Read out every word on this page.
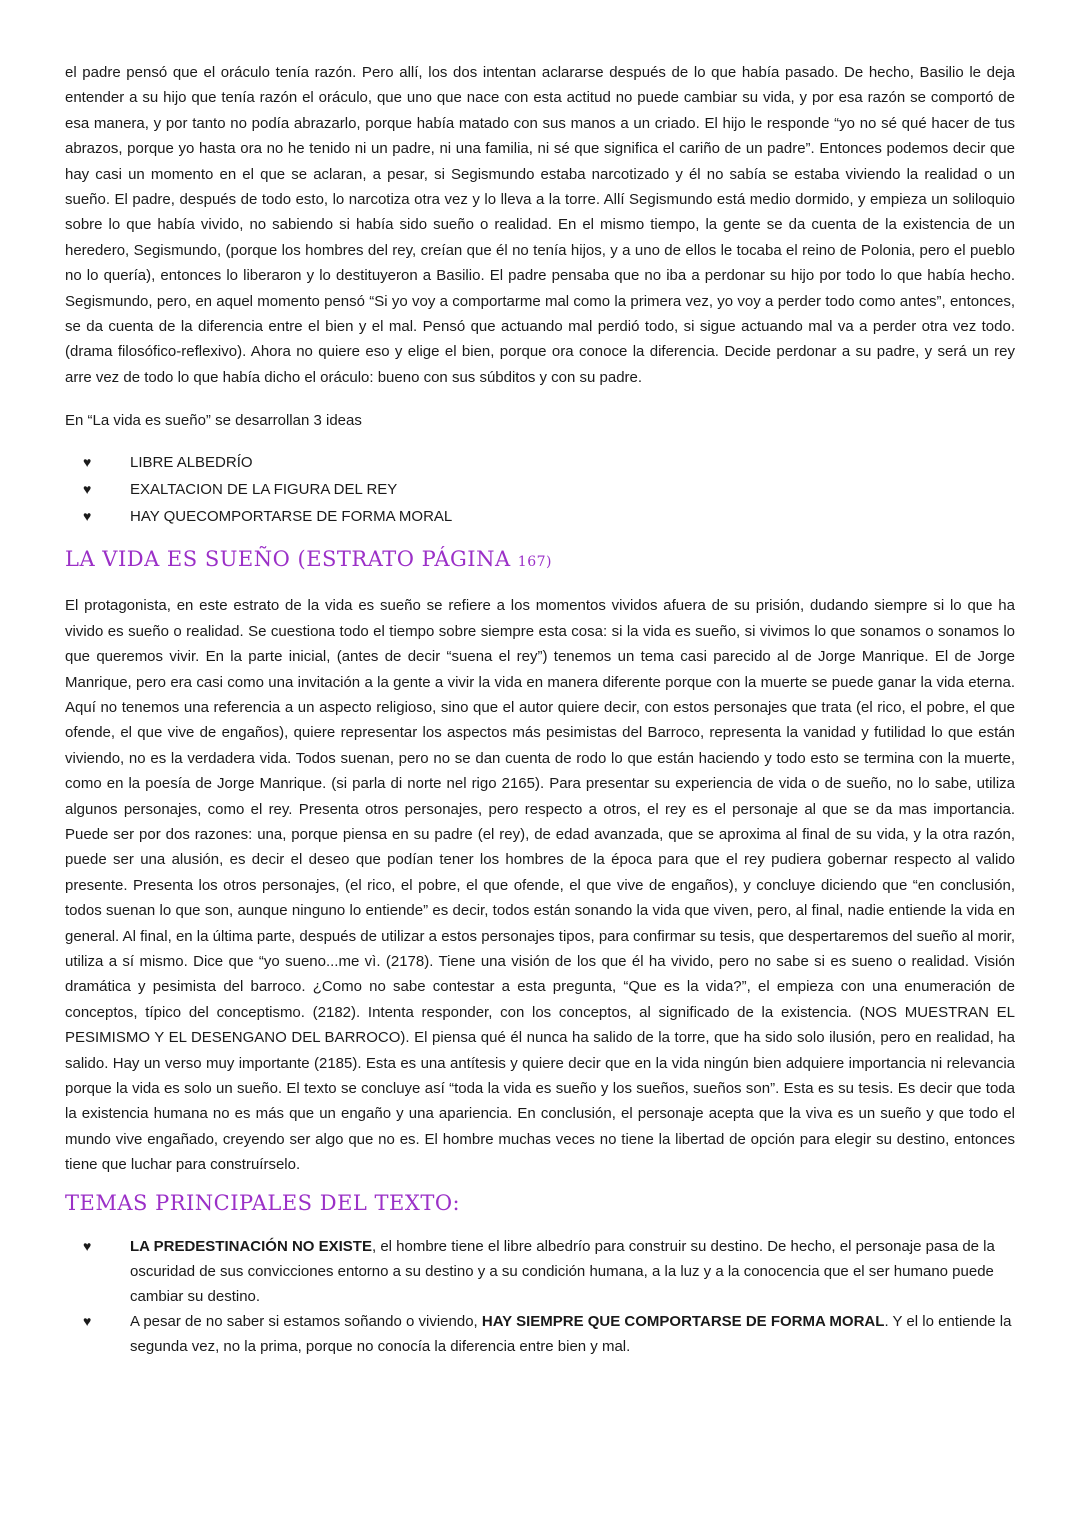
el padre pensó que el oráculo tenía razón. Pero allí, los dos intentan aclararse después de lo que había pasado. De hecho, Basilio le deja entender a su hijo que tenía razón el oráculo, que uno que nace con esta actitud no puede cambiar su vida, y por esa razón se comportó de esa manera, y por tanto no podía abrazarlo, porque había matado con sus manos a un criado. El hijo le responde “yo no sé qué hacer de tus abrazos, porque yo hasta ora no he tenido ni un padre, ni una familia, ni sé que significa el cariño de un padre”. Entonces podemos decir que hay casi un momento en el que se aclaran, a pesar, si Segismundo estaba narcotizado y él no sabía se estaba viviendo la realidad o un sueño. El padre, después de todo esto, lo narcotiza otra vez y lo lleva a la torre. Allí Segismundo está medio dormido, y empieza un soliloquio sobre lo que había vivido, no sabiendo si había sido sueño o realidad. En el mismo tiempo, la gente se da cuenta de la existencia de un heredero, Segismundo, (porque los hombres del rey, creían que él no tenía hijos, y a uno de ellos le tocaba el reino de Polonia, pero el pueblo no lo quería), entonces lo liberaron y lo destituyeron a Basilio. El padre pensaba que no iba a perdonar su hijo por todo lo que había hecho. Segismundo, pero, en aquel momento pensó “Si yo voy a comportarme mal como la primera vez, yo voy a perder todo como antes”, entonces, se da cuenta de la diferencia entre el bien y el mal. Pensó que actuando mal perdió todo, si sigue actuando mal va a perder otra vez todo. (drama filosófico-reflexivo). Ahora no quiere eso y elige el bien, porque ora conoce la diferencia. Decide perdonar a su padre, y será un rey arre vez de todo lo que había dicho el oráculo: bueno con sus súbditos y con su padre.

En “La vida es sueño” se desarrollan 3 ideas

♥	LIBRE ALBEDRÍO
♥	EXALTACION DE LA FIGURA DEL REY
♥	HAY QUECOMPORTARSE DE FORMA MORAL
LA VIDA ES SUEÑO (ESTRATO PÁGINA 167)

El protagonista, en este estrato de la vida es sueño se refiere a los momentos vividos afuera de su prisión, dudando siempre si lo que ha vivido es sueño o realidad. Se cuestiona todo el tiempo sobre siempre esta cosa: si la vida es sueño, si vivimos lo que sonamos o sonamos lo que queremos vivir. En la parte inicial, (antes de decir “suena el rey”) tenemos un tema casi parecido al de Jorge Manrique. El de Jorge Manrique, pero era casi como una invitación a la gente a vivir la vida en manera diferente porque con la muerte se puede ganar la vida eterna. Aquí no tenemos una referencia a un aspecto religioso, sino que el autor quiere decir, con estos personajes que trata (el rico, el pobre, el que ofende, el que vive de engaños), quiere representar los aspectos más pesimistas del Barroco, representa la vanidad y futilidad lo que están viviendo, no es la verdadera vida. Todos suenan, pero no se dan cuenta de rodo lo que están haciendo y todo esto se termina con la muerte, como en la poesía de Jorge Manrique. (si parla di norte nel rigo 2165). Para presentar su experiencia de vida o de sueño, no lo sabe, utiliza algunos personajes, como el rey. Presenta otros personajes, pero respecto a otros, el rey es el personaje al que se da mas importancia. Puede ser por dos razones: una, porque piensa en su padre (el rey), de edad avanzada, que se aproxima al final de su vida, y la otra razón, puede ser una alusión, es decir el deseo que podían tener los hombres de la época para que el rey pudiera gobernar respecto al valido presente. Presenta los otros personajes, (el rico, el pobre, el que ofende, el que vive de engaños), y concluye diciendo que “en conclusión, todos suenan lo que son, aunque ninguno lo entiende” es decir, todos están sonando la vida que viven, pero, al final, nadie entiende la vida en general. Al final, en la última parte, después de utilizar a estos personajes tipos, para confirmar su tesis, que despertaremos del sueño al morir, utiliza a sí mismo. Dice que “yo sueno...me vì. (2178). Tiene una visión de los que él ha vivido, pero no sabe si es sueno o realidad. Visión dramática y pesimista del barroco. ¿Como no sabe contestar a esta pregunta, “Que es la vida?”, el empieza con una enumeración de conceptos, típico del conceptismo. (2182). Intenta responder, con los conceptos, al significado de la existencia. (NOS MUESTRAN EL PESIMISMO Y EL DESENGANO DEL BARROCO). El piensa qué él nunca ha salido de la torre, que ha sido solo ilusión, pero en realidad, ha salido. Hay un verso muy importante (2185). Esta es una antítesis y quiere decir que en la vida ningún bien adquiere importancia ni relevancia porque la vida es solo un sueño. El texto se concluye así “toda la vida es sueño y los sueños, sueños son”. Esta es su tesis. Es decir que toda la existencia humana no es más que un engaño y una apariencia. En conclusión, el personaje acepta que la viva es un sueño y que todo el mundo vive engañado, creyendo ser algo que no es. El hombre muchas veces no tiene la libertad de opción para elegir su destino, entonces tiene que luchar para construírselo.

TEMAS PRINCIPALES DEL TEXTO:
♥	LA PREDESTINACIÓN NO EXISTE, el hombre tiene el libre albedrío para construir su destino. De hecho, el personaje pasa de la oscuridad de sus convicciones entorno a su destino y a su condición humana, a la luz y a la conocencia que el ser humano puede cambiar su destino.
♥	A pesar de no saber si estamos soñando o viviendo, HAY SIEMPRE QUE COMPORTARSE DE FORMA MORAL. Y el lo entiende la segunda vez, no la prima, porque no conocía la diferencia entre bien y mal.
